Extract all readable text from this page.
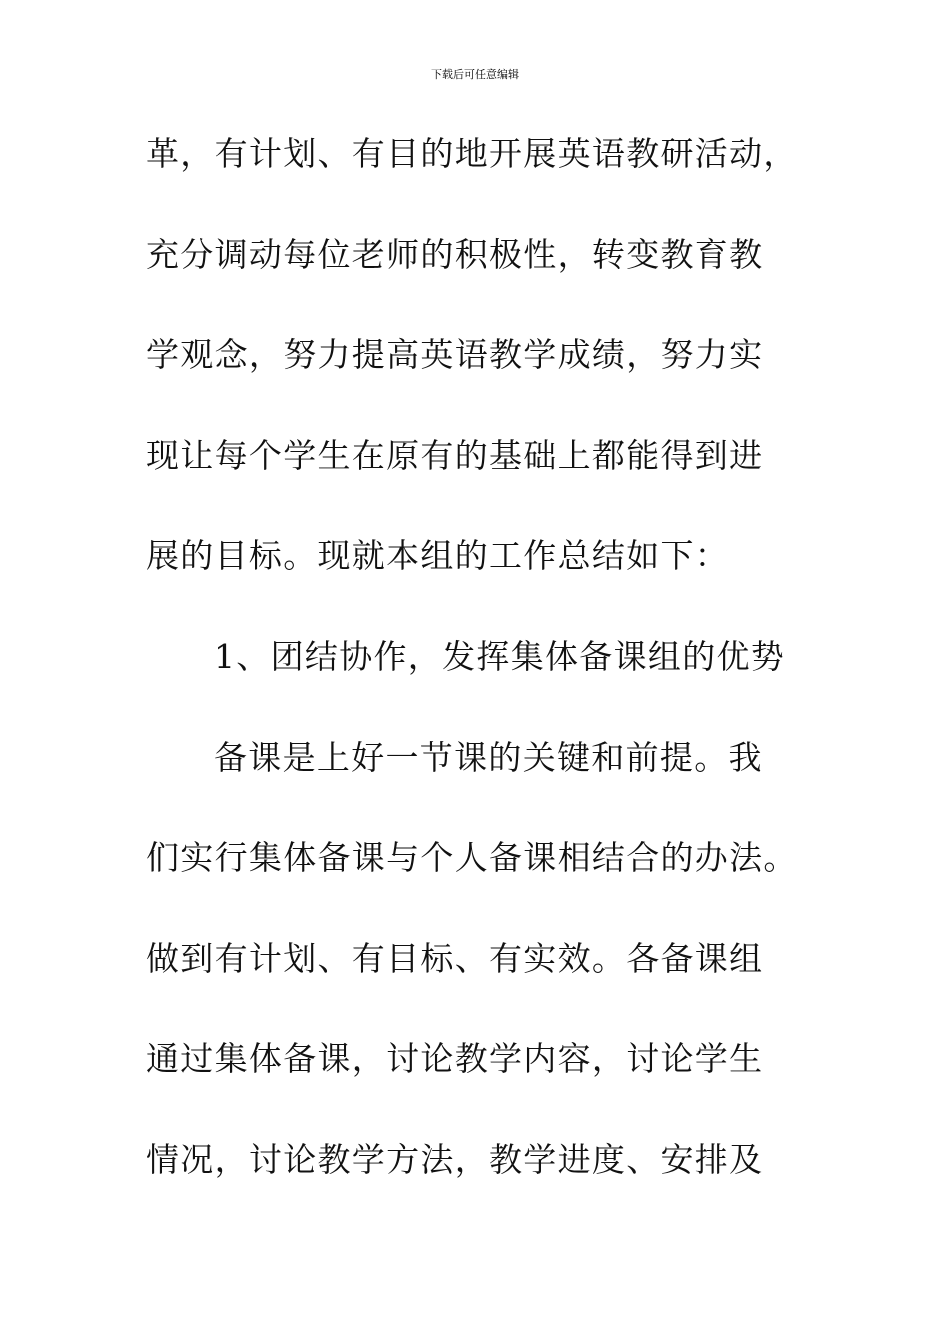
下载后可任意编辑
革，有计划、有目的地开展英语教研活动，
充分调动每位老师的积极性，转变教育教
学观念，努力提高英语教学成绩，努力实
现让每个学生在原有的基础上都能得到进
展的目标。现就本组的工作总结如下：
1、团结协作，发挥集体备课组的优势
备课是上好一节课的关键和前提。我
们实行集体备课与个人备课相结合的办法。
做到有计划、有目标、有实效。各备课组
通过集体备课，讨论教学内容，讨论学生
情况，讨论教学方法，教学进度、安排及
